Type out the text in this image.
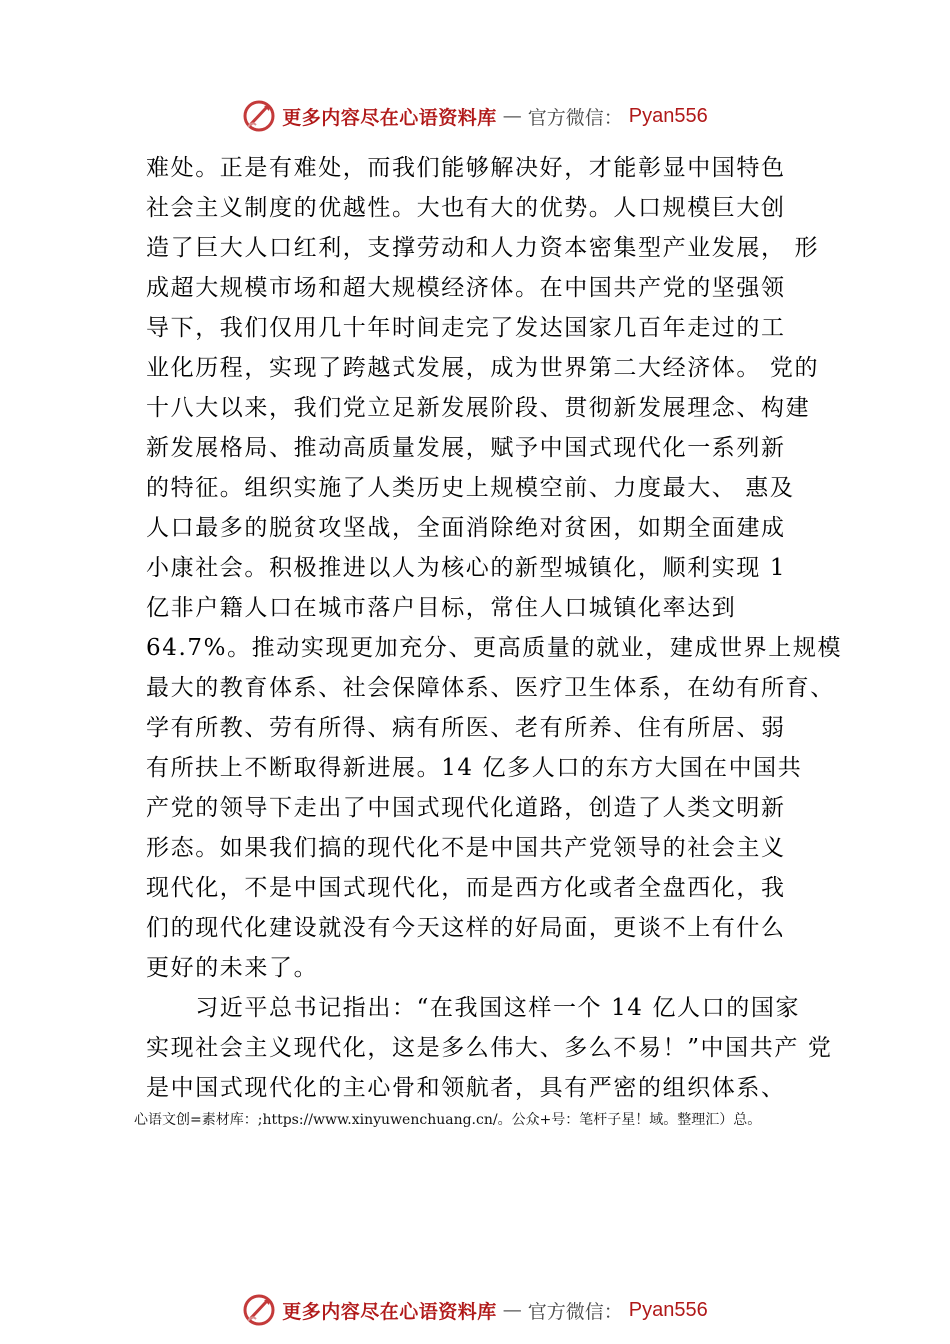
更多内容尽在心语资料库 — 官方微信： Pyan556
难处。正是有难处，而我们能够解决好，才能彰显中国特色
社会主义制度的优越性。大也有大的优势。人口规模巨大创
造了巨大人口红利，支撑劳动和人力资本密集型产业发展， 形
成超大规模市场和超大规模经济体。在中国共产党的坚强领
导下，我们仅用几十年时间走完了发达国家几百年走过的工
业化历程，实现了跨越式发展，成为世界第二大经济体。 党的
十八大以来，我们党立足新发展阶段、贯彻新发展理念、构建
新发展格局、推动高质量发展，赋予中国式现代化一系列新
的特征。组织实施了人类历史上规模空前、力度最大、 惠及
人口最多的脱贫攻坚战，全面消除绝对贫困，如期全面建成
小康社会。积极推进以人为核心的新型城镇化，顺利实现 1
亿非户籍人口在城市落户目标，常住人口城镇化率达到
64.7%。推动实现更加充分、更高质量的就业，建成世界上规模
最大的教育体系、社会保障体系、医疗卫生体系，在幼有所育、
学有所教、劳有所得、病有所医、老有所养、住有所居、弱
有所扶上不断取得新进展。14 亿多人口的东方大国在中国共
产党的领导下走出了中国式现代化道路，创造了人类文明新
形态。如果我们搞的现代化不是中国共产党领导的社会主义
现代化，不是中国式现代化，而是西方化或者全盘西化，我
们的现代化建设就没有今天这样的好局面，更谈不上有什么
更好的未来了。
　　习近平总书记指出：“在我国这样一个 14 亿人口的国家
实现社会主义现代化，这是多么伟大、多么不易！”中国共产 党
是中国式现代化的主心骨和领航者，具有严密的组织体系、
心语文创=素材库：;https://www.xinyuwenchuang.cn/。公众+号：笔杆子星！域。整理汇）总。
更多内容尽在心语资料库 — 官方微信： Pyan556
